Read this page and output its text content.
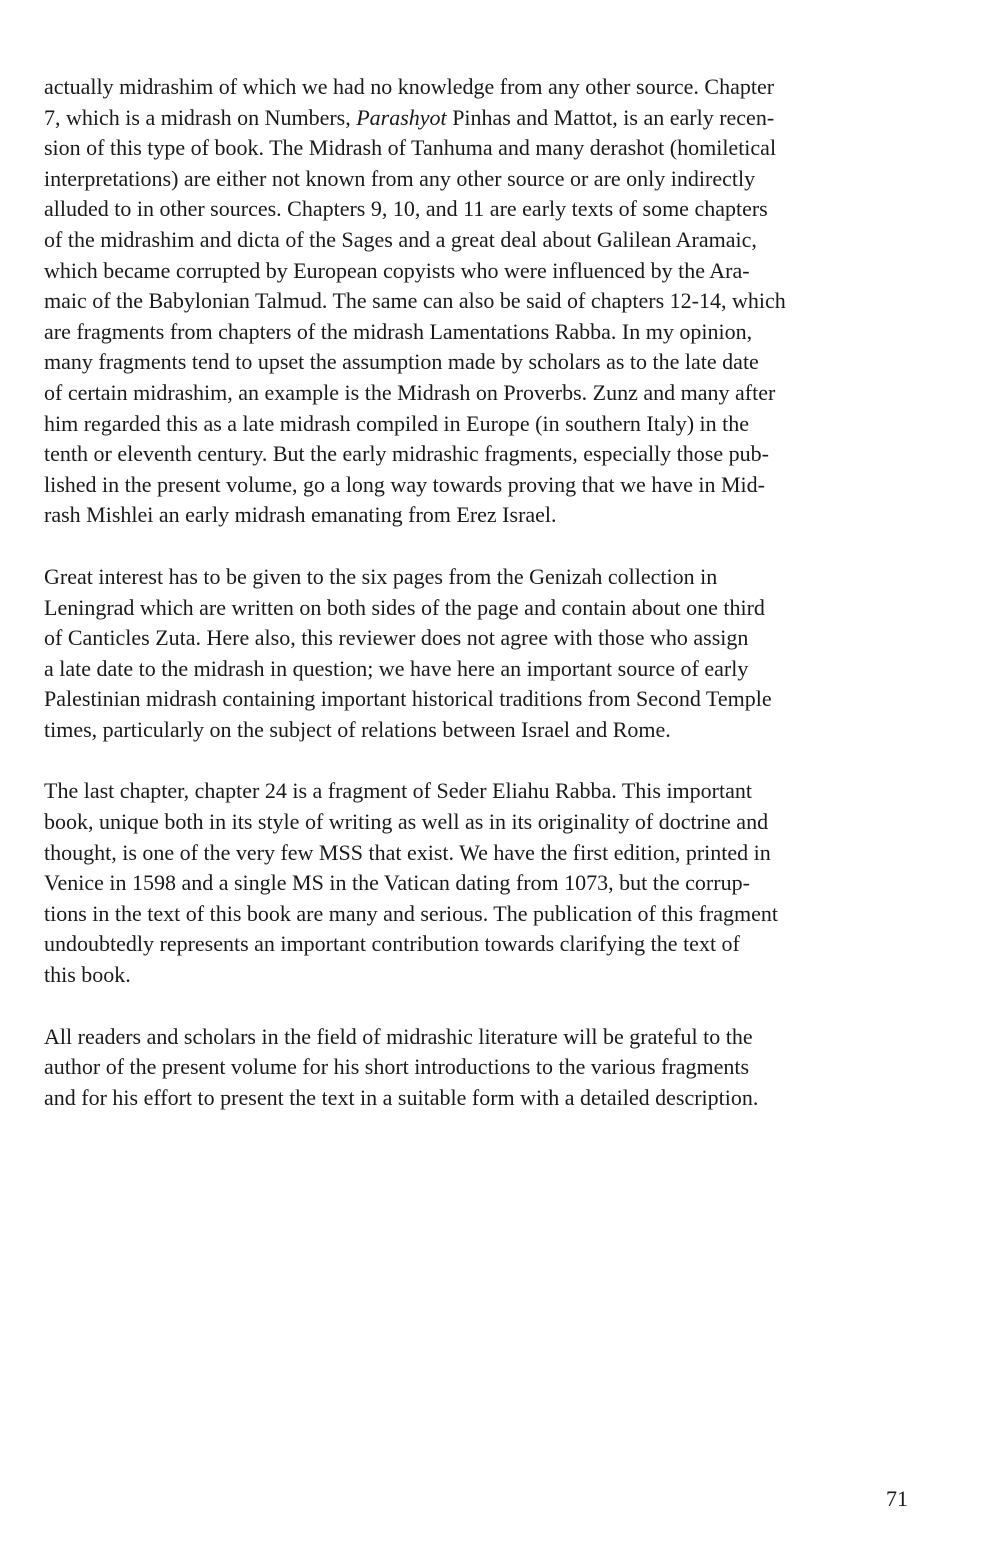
actually midrashim of which we had no knowledge from any other source. Chapter
7, which is a midrash on Numbers, Parashyot Pinhas and Mattot, is an early recen-
sion of this type of book. The Midrash of Tanhuma and many derashot (homiletical
interpretations) are either not known from any other source or are only indirectly
alluded to in other sources. Chapters 9, 10, and 11 are early texts of some chapters
of the midrashim and dicta of the Sages and a great deal about Galilean Aramaic,
which became corrupted by European copyists who were influenced by the Ara-
maic of the Babylonian Talmud. The same can also be said of chapters 12-14, which
are fragments from chapters of the midrash Lamentations Rabba. In my opinion,
many fragments tend to upset the assumption made by scholars as to the late date
of certain midrashim, an example is the Midrash on Proverbs. Zunz and many after
him regarded this as a late midrash compiled in Europe (in southern Italy) in the
tenth or eleventh century. But the early midrashic fragments, especially those pub-
lished in the present volume, go a long way towards proving that we have in Mid-
rash Mishlei an early midrash emanating from Erez Israel.

Great interest has to be given to the six pages from the Genizah collection in
Leningrad which are written on both sides of the page and contain about one third
of Canticles Zuta. Here also, this reviewer does not agree with those who assign
a late date to the midrash in question; we have here an important source of early
Palestinian midrash containing important historical traditions from Second Temple
times, particularly on the subject of relations between Israel and Rome.

The last chapter, chapter 24 is a fragment of Seder Eliahu Rabba. This important
book, unique both in its style of writing as well as in its originality of doctrine and
thought, is one of the very few MSS that exist. We have the first edition, printed in
Venice in 1598 and a single MS in the Vatican dating from 1073, but the corrup-
tions in the text of this book are many and serious. The publication of this fragment
undoubtedly represents an important contribution towards clarifying the text of
this book.

All readers and scholars in the field of midrashic literature will be grateful to the
author of the present volume for his short introductions to the various fragments
and for his effort to present the text in a suitable form with a detailed description.

71
